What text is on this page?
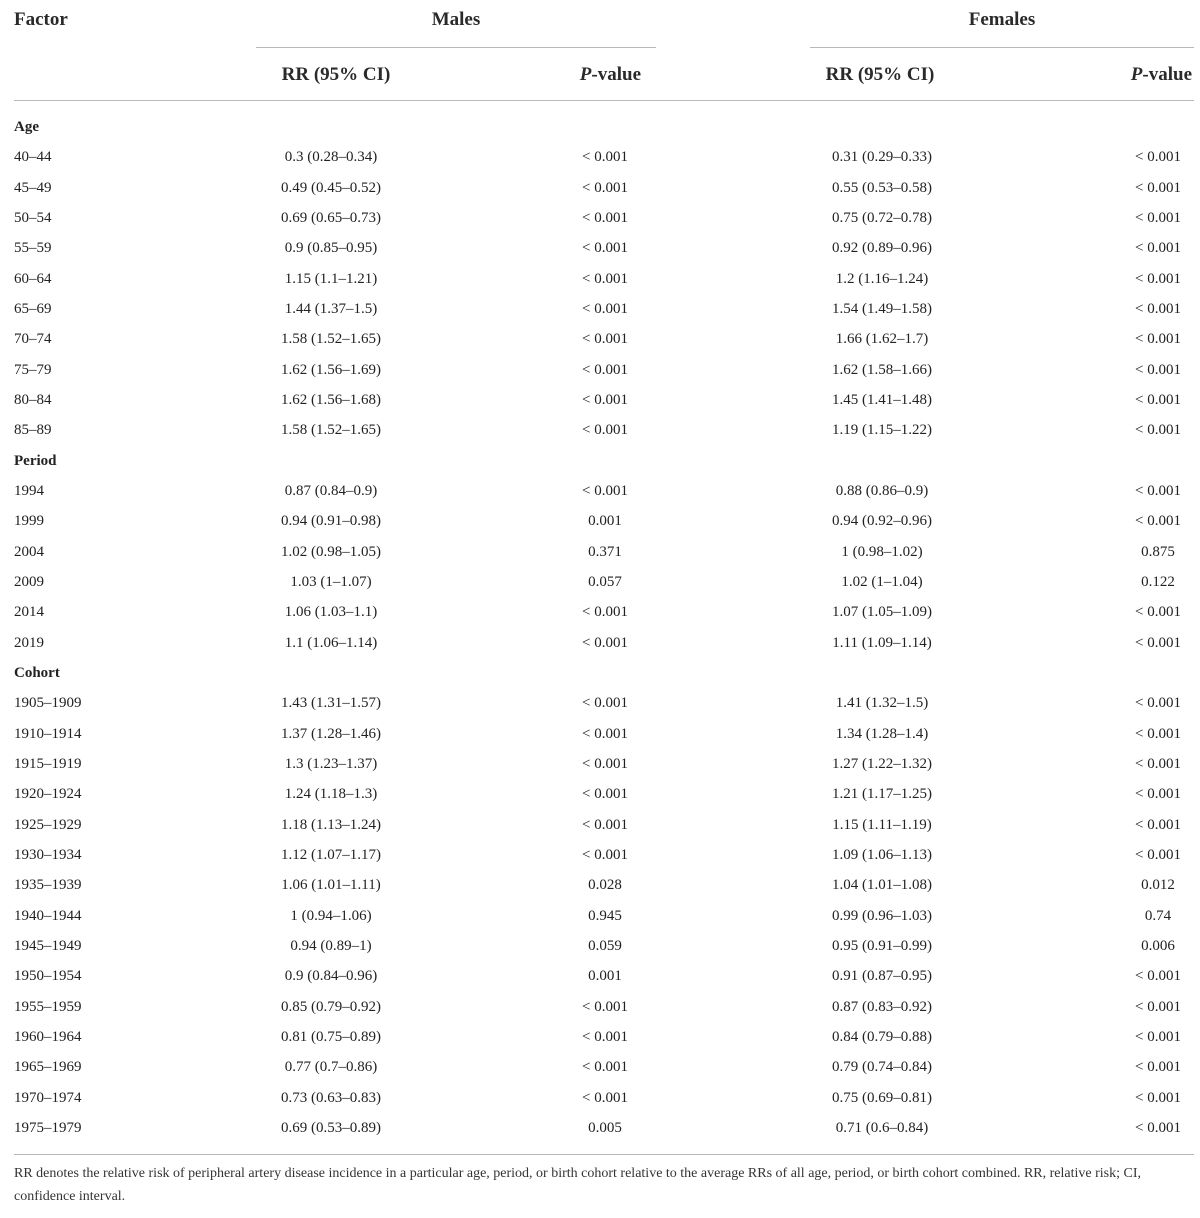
Factor	Males	Females
RR (95% CI)	P-value	RR (95% CI)	P-value
Age
40–44	0.3 (0.28–0.34)	< 0.001	0.31 (0.29–0.33)	< 0.001
45–49	0.49 (0.45–0.52)	< 0.001	0.55 (0.53–0.58)	< 0.001
50–54	0.69 (0.65–0.73)	< 0.001	0.75 (0.72–0.78)	< 0.001
55–59	0.9 (0.85–0.95)	< 0.001	0.92 (0.89–0.96)	< 0.001
60–64	1.15 (1.1–1.21)	< 0.001	1.2 (1.16–1.24)	< 0.001
65–69	1.44 (1.37–1.5)	< 0.001	1.54 (1.49–1.58)	< 0.001
70–74	1.58 (1.52–1.65)	< 0.001	1.66 (1.62–1.7)	< 0.001
75–79	1.62 (1.56–1.69)	< 0.001	1.62 (1.58–1.66)	< 0.001
80–84	1.62 (1.56–1.68)	< 0.001	1.45 (1.41–1.48)	< 0.001
85–89	1.58 (1.52–1.65)	< 0.001	1.19 (1.15–1.22)	< 0.001
Period
1994	0.87 (0.84–0.9)	< 0.001	0.88 (0.86–0.9)	< 0.001
1999	0.94 (0.91–0.98)	0.001	0.94 (0.92–0.96)	< 0.001
2004	1.02 (0.98–1.05)	0.371	1 (0.98–1.02)	0.875
2009	1.03 (1–1.07)	0.057	1.02 (1–1.04)	0.122
2014	1.06 (1.03–1.1)	< 0.001	1.07 (1.05–1.09)	< 0.001
2019	1.1 (1.06–1.14)	< 0.001	1.11 (1.09–1.14)	< 0.001
Cohort
1905–1909	1.43 (1.31–1.57)	< 0.001	1.41 (1.32–1.5)	< 0.001
1910–1914	1.37 (1.28–1.46)	< 0.001	1.34 (1.28–1.4)	< 0.001
1915–1919	1.3 (1.23–1.37)	< 0.001	1.27 (1.22–1.32)	< 0.001
1920–1924	1.24 (1.18–1.3)	< 0.001	1.21 (1.17–1.25)	< 0.001
1925–1929	1.18 (1.13–1.24)	< 0.001	1.15 (1.11–1.19)	< 0.001
1930–1934	1.12 (1.07–1.17)	< 0.001	1.09 (1.06–1.13)	< 0.001
1935–1939	1.06 (1.01–1.11)	0.028	1.04 (1.01–1.08)	0.012
1940–1944	1 (0.94–1.06)	0.945	0.99 (0.96–1.03)	0.74
1945–1949	0.94 (0.89–1)	0.059	0.95 (0.91–0.99)	0.006
1950–1954	0.9 (0.84–0.96)	0.001	0.91 (0.87–0.95)	< 0.001
1955–1959	0.85 (0.79–0.92)	< 0.001	0.87 (0.83–0.92)	< 0.001
1960–1964	0.81 (0.75–0.89)	< 0.001	0.84 (0.79–0.88)	< 0.001
1965–1969	0.77 (0.7–0.86)	< 0.001	0.79 (0.74–0.84)	< 0.001
1970–1974	0.73 (0.63–0.83)	< 0.001	0.75 (0.69–0.81)	< 0.001
1975–1979	0.69 (0.53–0.89)	0.005	0.71 (0.6–0.84)	< 0.001
RR denotes the relative risk of peripheral artery disease incidence in a particular age, period, or birth cohort relative to the average RRs of all age, period, or birth cohort combined. RR, relative risk; CI, confidence interval.
